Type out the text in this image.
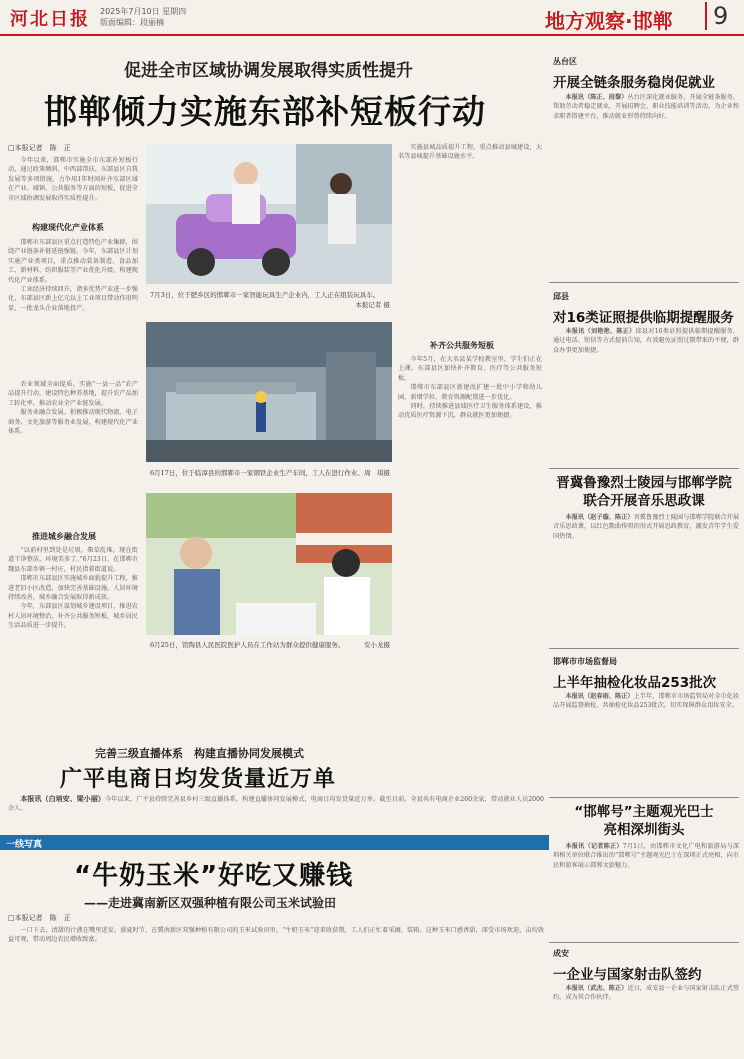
河北日报	2025年7月10日 星期四
版面编辑：段丽楠	地方观察·邯郸	9
促进全市区域协调发展取得实质性提升
邯郸倾力实施东部补短板行动
□本报记者　陈　正

今年以来，邯郸市实施全市东部补短板行动，通过政策倾斜、中西部帮扶、东部县区自我发展等多项措施，力争用1年时间补齐东部区域在产业、城镇、公共服务等方面的短板，促进全市区域协调发展取得实质性提升。

构建现代化产业体系

邯郸市东部县区重点打造特色产业集群，围绕产业链条补链延链强链。今年，东部县区计划实施产业类项目，重点推动装备制造、食品加工、新材料、纺织服装等产业优化升级，构建现代化产业体系。

工业经济持续回升，诸多优势产业进一步强化，东部县区新上亿元以上工业项目带动作用明显，一批龙头企业落地投产。

农业领域全面提质。实施“一县一品”农产品提升行动，建设特色种养基地，提升农产品加工转化率，推动农业全产业链发展。

服务业融合发展。积极推动现代物流、电子商务、文化旅游等服务业发展，构建现代化产业体系。

推进城乡融合发展

“以前村里到处是垃圾，柴草乱堆，现在街道干净整洁，环境美多了。”6月23日，在邯郸市魏县东部乡镇一村庄，村民指着街道说。

邯郸市东部县区实施城乡面貌提升工程，推进老旧小区改造，加快完善基础设施，人居环境持续改善，城乡融合发展取得新成效。

今年，东部县区谋划城乡建设项目，推进农村人居环境整治，补齐公共服务短板，城乡居民生活品质进一步提升。

7月3日，位于肥乡区的邯郸市一家智能玩具生产企业内，工人正在组装玩具车。
本报记者 摄
6月17日，位于临漳县的邯郸市一家钢铁企业生产车间，工人在进行作业。 周　琪摄
6月25日，馆陶县人民医院医护人员在工作站为群众提供健康服务。	安小龙摄

实施县城品质提升工程，重点推动县城建设，大名等县城提升基础设施水平。

补齐公共服务短板

今年5月，在大名县某学校教室里，学生们正在上课。东部县区加快补齐教育、医疗等公共服务短板。

邯郸市东部县区新建改扩建一批中小学和幼儿园，新增学位，教育资源配置进一步优化。

同时，持续推进县域医疗卫生服务体系建设，推动优质医疗资源下沉，群众就医更加便捷。

完善三级直播体系　构建直播协同发展模式
广平电商日均发货量近万单

本报讯（白培安、梁小丽）今年以来，广平县持续完善县乡村三级直播体系，构建直播协同发展模式，电商日均发货量近万单。截至目前，全县共有电商企业260余家，带动就业人员2000余人。

一线写真
“牛奶玉米”好吃又赚钱
——走进冀南新区双强种植有限公司玉米试验田
□本报记者　陈　正

一口下去，清甜的汁液在嘴里迸发。盛夏时节，在冀南新区双强种植有限公司的玉米试验田里，“牛奶玉米”迎来收获期，工人们正忙着采摘、装箱。这种玉米口感香甜，深受市场欢迎，亩均效益可观，带动周边农民增收致富。

丛台区
开展全链条服务稳岗促就业

本报讯（陈正、段黎）丛台区深化就业服务，开展全链条服务，帮助劳动者稳定就业，开展招聘会、职业技能培训等活动，为企业和求职者搭建平台，推动就业形势持续向好。

邱县
对16类证照提供临期提醒服务

本报讯（刘艳艳、陈正）邱县对16类证照提供临期提醒服务，通过电话、短信等方式提前告知，有效避免证照过期带来的不便，群众办事更加便捷。

晋冀鲁豫烈士陵园与邯郸学院
联合开展音乐思政课

本报讯（赵子璇、陈正）晋冀鲁豫烈士陵园与邯郸学院联合开展音乐思政课，以红色歌曲传唱的形式开展思政教育，激发青年学生爱国热情。

邯郸市市场监督局
上半年抽检化妆品253批次

本报讯（赵春雨、陈正）上半年，邯郸市市场监管局对全市化妆品开展监督抽检，共抽检化妆品253批次，切实保障群众用妆安全。

“邯郸号”主题观光巴士
亮相深圳街头

本报讯（记者陈正）7月1日，由邯郸市文化广电和旅游局与深圳相关单位联合推出的“邯郸号”主题观光巴士在深圳正式亮相，向市民和游客展示邯郸文旅魅力。

成安
一企业与国家射击队签约

本报讯（武杰、陈正）近日，成安县一企业与国家射击队正式签约，成为其合作伙伴。
